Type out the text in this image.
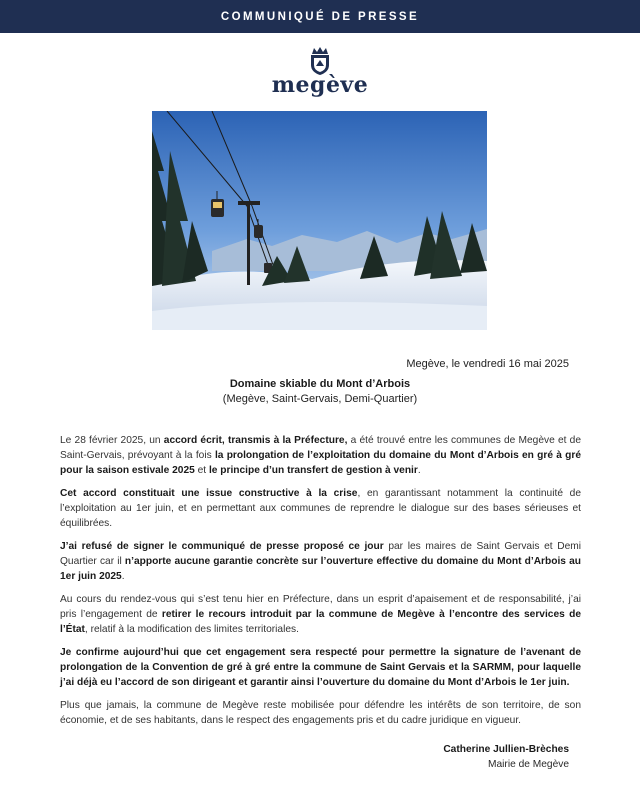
COMMUNIQUÉ DE PRESSE
megève
Megève, le vendredi 16 mai 2025
Domaine skiable du Mont d’Arbois
(Megève, Saint-Gervais, Demi-Quartier)

Le 28 février 2025, un accord écrit, transmis à la Préfecture, a été trouvé entre les communes de Megève et de Saint-Gervais, prévoyant à la fois la prolongation de l’exploitation du domaine du Mont d’Arbois en gré à gré pour la saison estivale 2025 et le principe d’un transfert de gestion à venir.

Cet accord constituait une issue constructive à la crise, en garantissant notamment la continuité de l’exploitation au 1er juin, et en permettant aux communes de reprendre le dialogue sur des bases sérieuses et équilibrées.

J’ai refusé de signer le communiqué de presse proposé ce jour par les maires de Saint Gervais et Demi Quartier car il n’apporte aucune garantie concrète sur l’ouverture effective du domaine du Mont d’Arbois au 1er juin 2025.

Au cours du rendez-vous qui s’est tenu hier en Préfecture, dans un esprit d’apaisement et de responsabilité, j’ai pris l’engagement de retirer le recours introduit par la commune de Megève à l’encontre des services de l’État, relatif à la modification des limites territoriales.

Je confirme aujourd’hui que cet engagement sera respecté pour permettre la signature de l’avenant de prolongation de la Convention de gré à gré entre la commune de Saint Gervais et la SARMM, pour laquelle j’ai déjà eu l’accord de son dirigeant et garantir ainsi l’ouverture du domaine du Mont d’Arbois le 1er juin.

Plus que jamais, la commune de Megève reste mobilisée pour défendre les intérêts de son territoire, de son économie, et de ses habitants, dans le respect des engagements pris et du cadre juridique en vigueur.

Catherine Jullien-Brèches
Mairie de Megève
